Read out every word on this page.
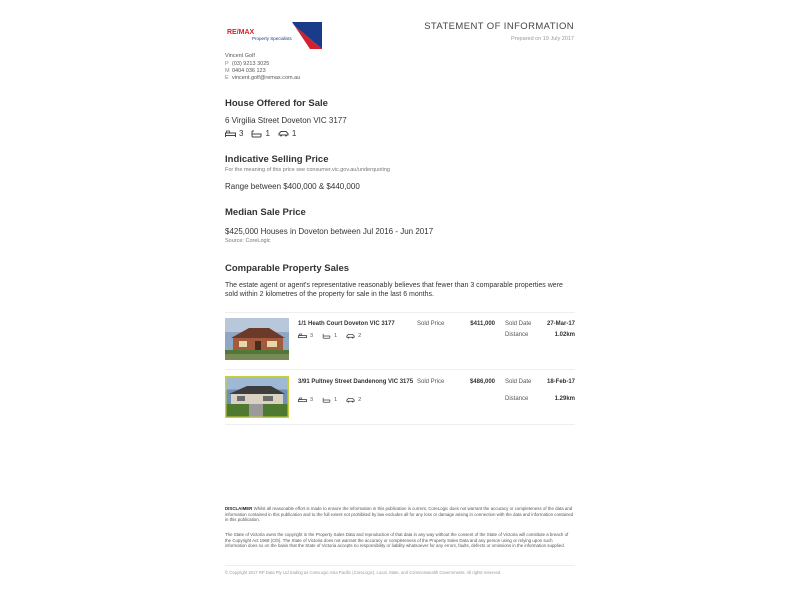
RE/MAX
Property Specialists
STATEMENT OF INFORMATION
Prepared on 19 July 2017
Vincent Golf
P (03) 9213 3025
M 0404 036 123
E vincent.golf@remax.com.au
House Offered for Sale
6 Virgilia Street Doveton VIC 3177
3	1	1
Indicative Selling Price
For the meaning of this price see consumer.vic.gov.au/underquoting
Range between $400,000 & $440,000
Median Sale Price
$425,000 Houses in Doveton between Jul 2016 - Jun 2017
Source: CoreLogic
Comparable Property Sales
The estate agent or agent's representative reasonably believes that fewer than 3 comparable properties were sold within 2 kilometres of the property for sale in the last 6 months.
1/1 Heath Court Doveton VIC 3177
3	1	2
Sold Price	$411,000 Sold Date	27-Mar-17
Distance	1.02km
3/91 Pultney Street Dandenong VIC 3175
3	1	2
Sold Price	$486,000 Sold Date	18-Feb-17
Distance	1.29km
DISCLAIMER Whilst all reasonable effort is made to ensure the information in this publication is current, CoreLogic does not warrant the accuracy or completeness of the data and information contained in this publication and to the full extent not prohibited by law excludes all for any loss or damage arising in connection with the data and information contained in this publication.
The State of Victoria owns the copyright in the Property Sales Data and reproduction of that data in any way without the consent of the State of Victoria will constitute a breach of the Copyright Act 1968 (Cth). The State of Victoria does not warrant the accuracy or completeness of the Property Sales Data and any person using or relying upon such information does so on the basis that the State of Victoria accepts no responsibility or liability whatsoever for any errors, faults, defects or omissions in the information supplied.
© Copyright 2017 RP Data Pty Ltd trading as CoreLogic Asia Pacific (CoreLogic). Local, State, and Commonwealth Governments. All rights reserved.
